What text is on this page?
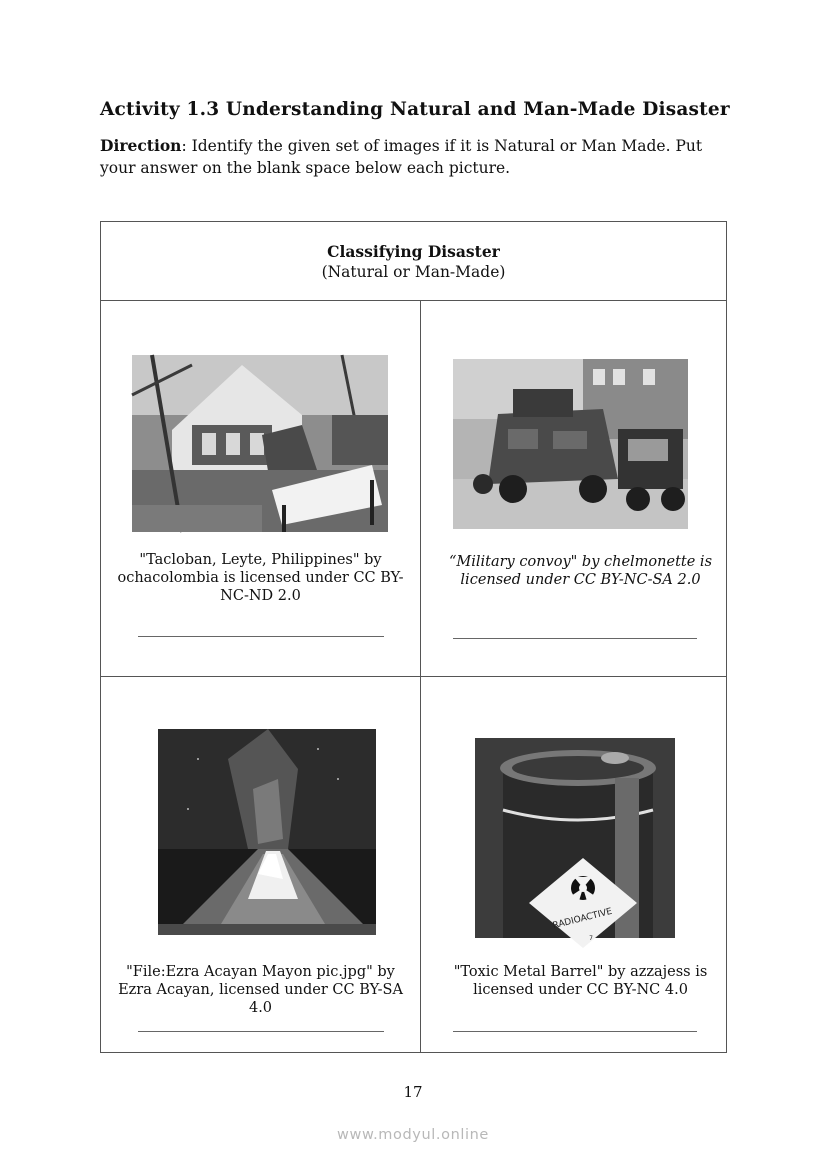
Activity 1.3 Understanding Natural and Man-Made Disaster

Direction: Identify the given set of images if it is Natural or Man Made. Put your answer on the blank space below each picture.

Classifying Disaster
(Natural or Man-Made)
"Tacloban, Leyte, Philippines" by ochacolombia is licensed under CC BY-NC-ND 2.0
“Military convoy" by chelmonette is licensed under CC BY-NC-SA 2.0
"File:Ezra Acayan Mayon pic.jpg" by Ezra Acayan, licensed under CC BY-SA 4.0
RADIOACTIVE
7
"Toxic Metal Barrel" by azzajess is licensed under CC BY-NC 4.0
17
www.modyul.online
